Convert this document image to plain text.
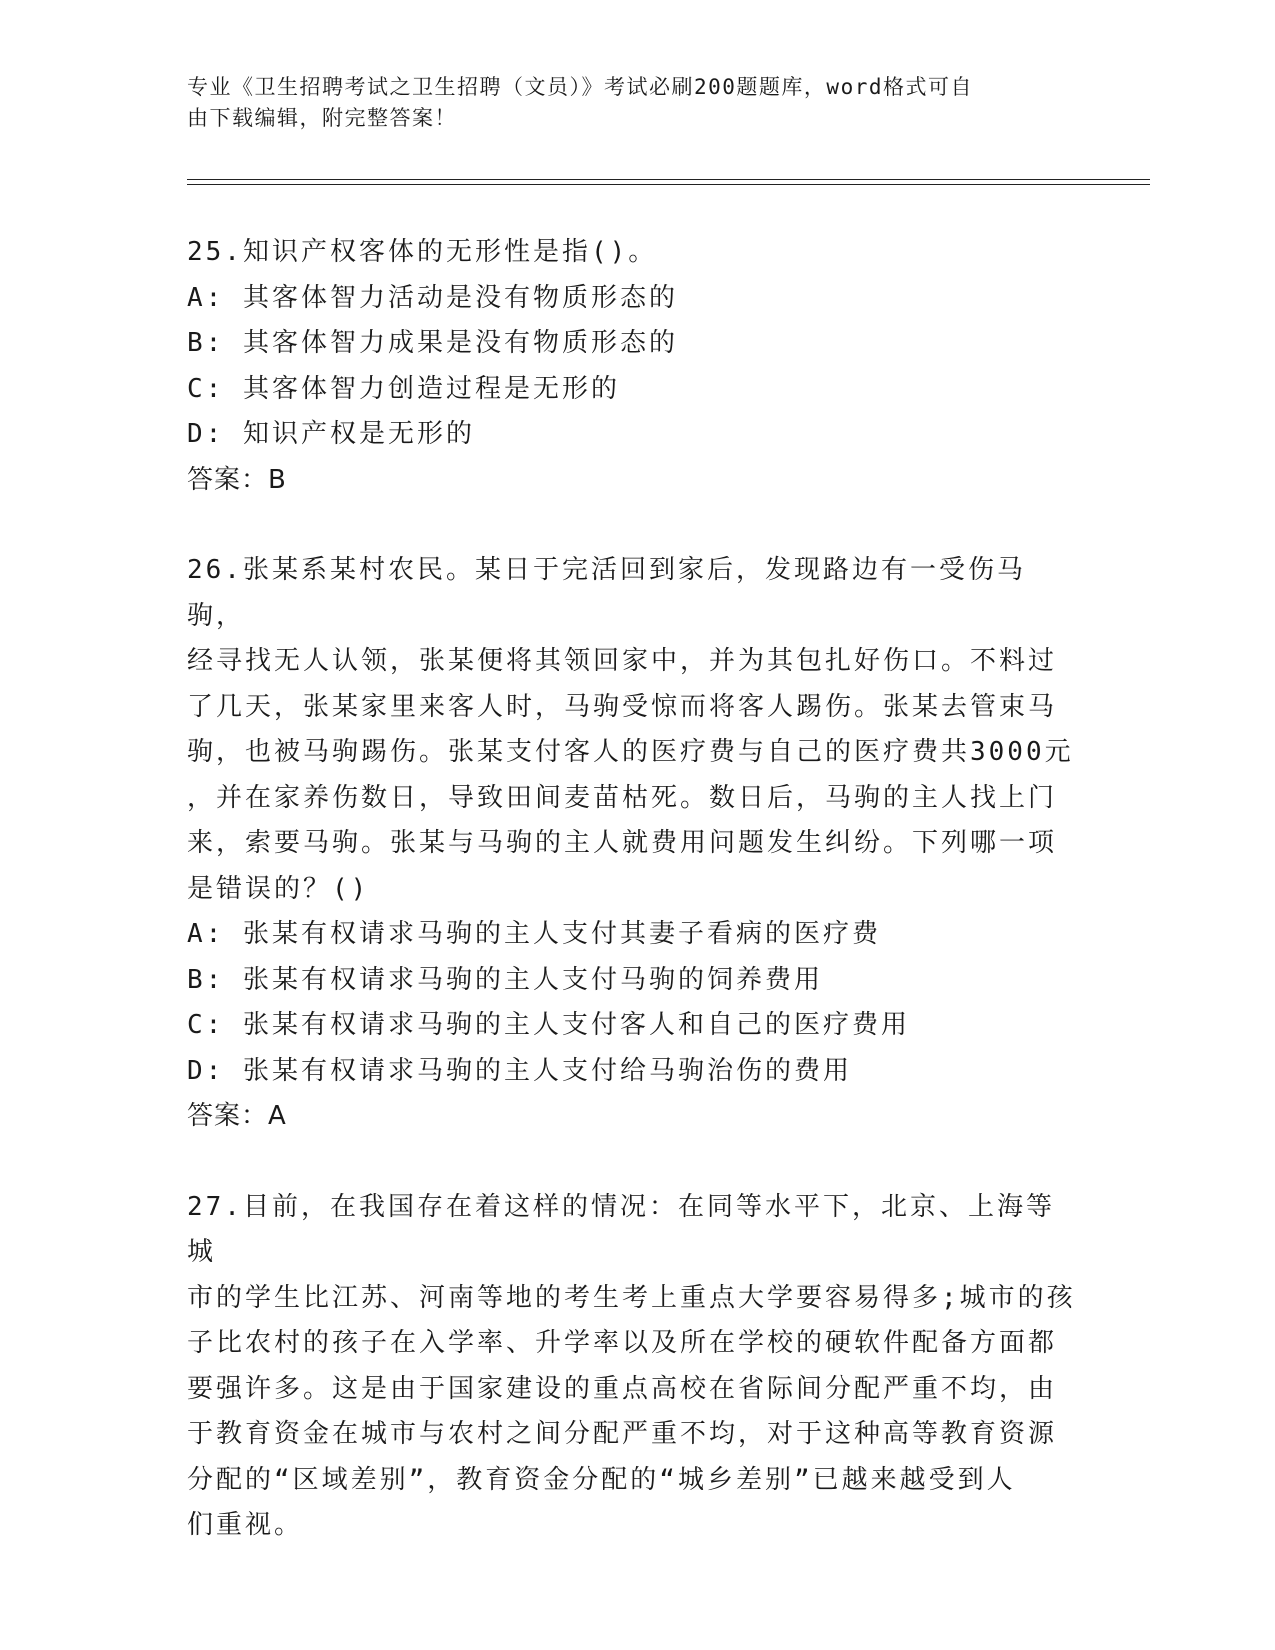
专业《卫生招聘考试之卫生招聘（文员）》考试必刷200题题库，word格式可自
由下载编辑，附完整答案！

25.知识产权客体的无形性是指()。

A: 其客体智力活动是没有物质形态的

B: 其客体智力成果是没有物质形态的

C: 其客体智力创造过程是无形的

D: 知识产权是无形的

答案：B

26.张某系某村农民。某日于完活回到家后，发现路边有一受伤马驹，

经寻找无人认领，张某便将其领回家中，并为其包扎好伤口。不料过

了几天，张某家里来客人时，马驹受惊而将客人踢伤。张某去管束马

驹，也被马驹踢伤。张某支付客人的医疗费与自己的医疗费共3000元

，并在家养伤数日，导致田间麦苗枯死。数日后，马驹的主人找上门

来，索要马驹。张某与马驹的主人就费用问题发生纠纷。下列哪一项

是错误的？()

A: 张某有权请求马驹的主人支付其妻子看病的医疗费

B: 张某有权请求马驹的主人支付马驹的饲养费用

C: 张某有权请求马驹的主人支付客人和自己的医疗费用

D: 张某有权请求马驹的主人支付给马驹治伤的费用

答案：A

27.目前，在我国存在着这样的情况：在同等水平下，北京、上海等城

市的学生比江苏、河南等地的考生考上重点大学要容易得多;城市的孩

子比农村的孩子在入学率、升学率以及所在学校的硬软件配备方面都

要强许多。这是由于国家建设的重点高校在省际间分配严重不均，由

于教育资金在城市与农村之间分配严重不均，对于这种高等教育资源

分配的“区域差别”，教育资金分配的“城乡差别”已越来越受到人

们重视。
